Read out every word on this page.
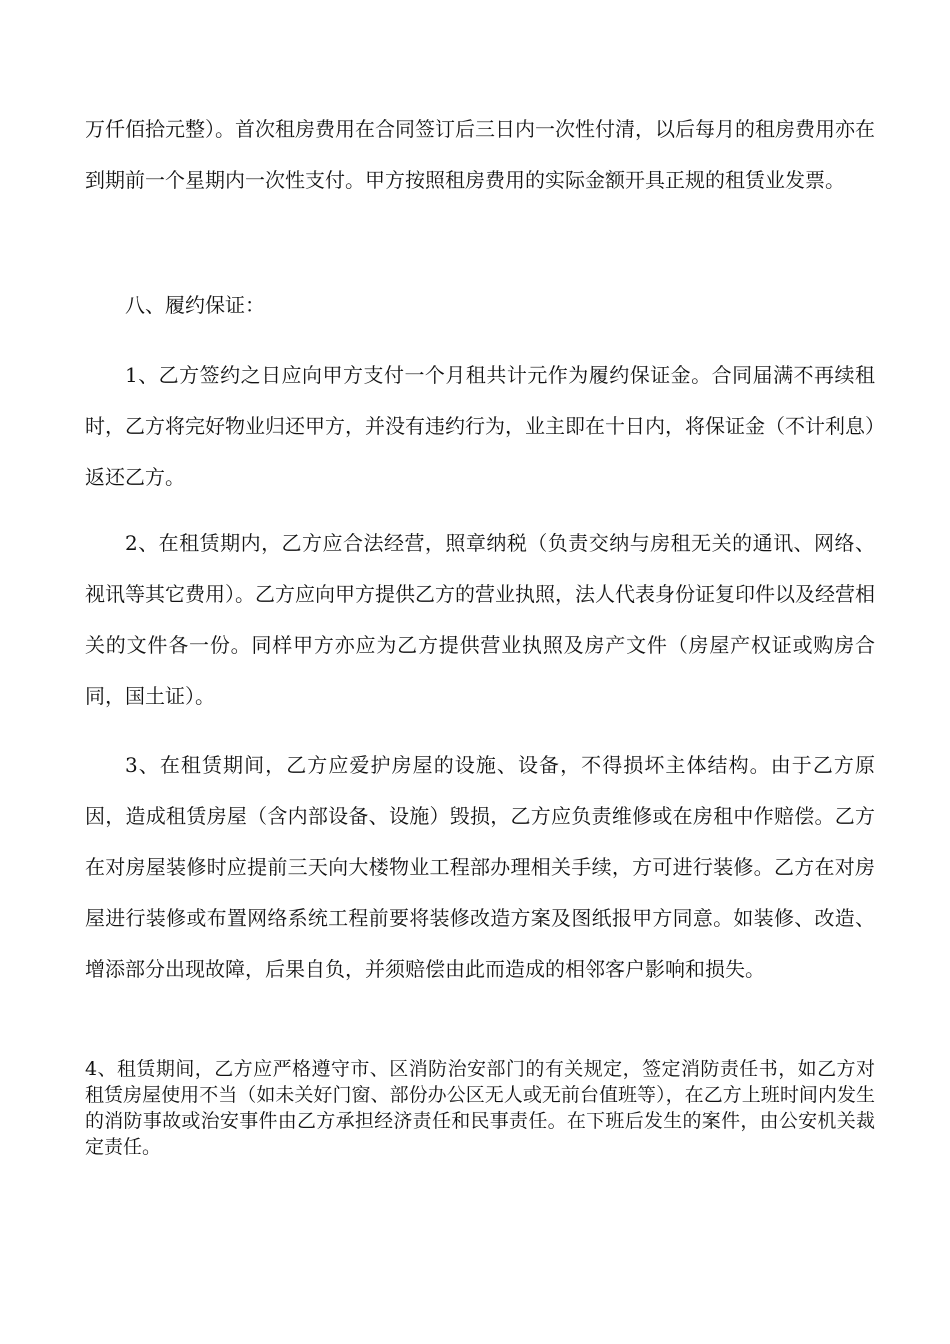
万仟佰拾元整）。首次租房费用在合同签订后三日内一次性付清，以后每月的租房费用亦在到期前一个星期内一次性支付。甲方按照租房费用的实际金额开具正规的租赁业发票。

八、履约保证：

1、乙方签约之日应向甲方支付一个月租共计元作为履约保证金。合同届满不再续租时，乙方将完好物业归还甲方，并没有违约行为，业主即在十日内，将保证金（不计利息）返还乙方。

2、在租赁期内，乙方应合法经营，照章纳税（负责交纳与房租无关的通讯、网络、视讯等其它费用）。乙方应向甲方提供乙方的营业执照，法人代表身份证复印件以及经营相关的文件各一份。同样甲方亦应为乙方提供营业执照及房产文件（房屋产权证或购房合同，国土证）。

3、在租赁期间，乙方应爱护房屋的设施、设备，不得损坏主体结构。由于乙方原因，造成租赁房屋（含内部设备、设施）毁损，乙方应负责维修或在房租中作赔偿。乙方在对房屋装修时应提前三天向大楼物业工程部办理相关手续，方可进行装修。乙方在对房屋进行装修或布置网络系统工程前要将装修改造方案及图纸报甲方同意。如装修、改造、增添部分出现故障，后果自负，并须赔偿由此而造成的相邻客户影响和损失。

4、租赁期间，乙方应严格遵守市、区消防治安部门的有关规定，签定消防责任书，如乙方对租赁房屋使用不当（如未关好门窗、部份办公区无人或无前台值班等），在乙方上班时间内发生的消防事故或治安事件由乙方承担经济责任和民事责任。在下班后发生的案件，由公安机关裁定责任。
